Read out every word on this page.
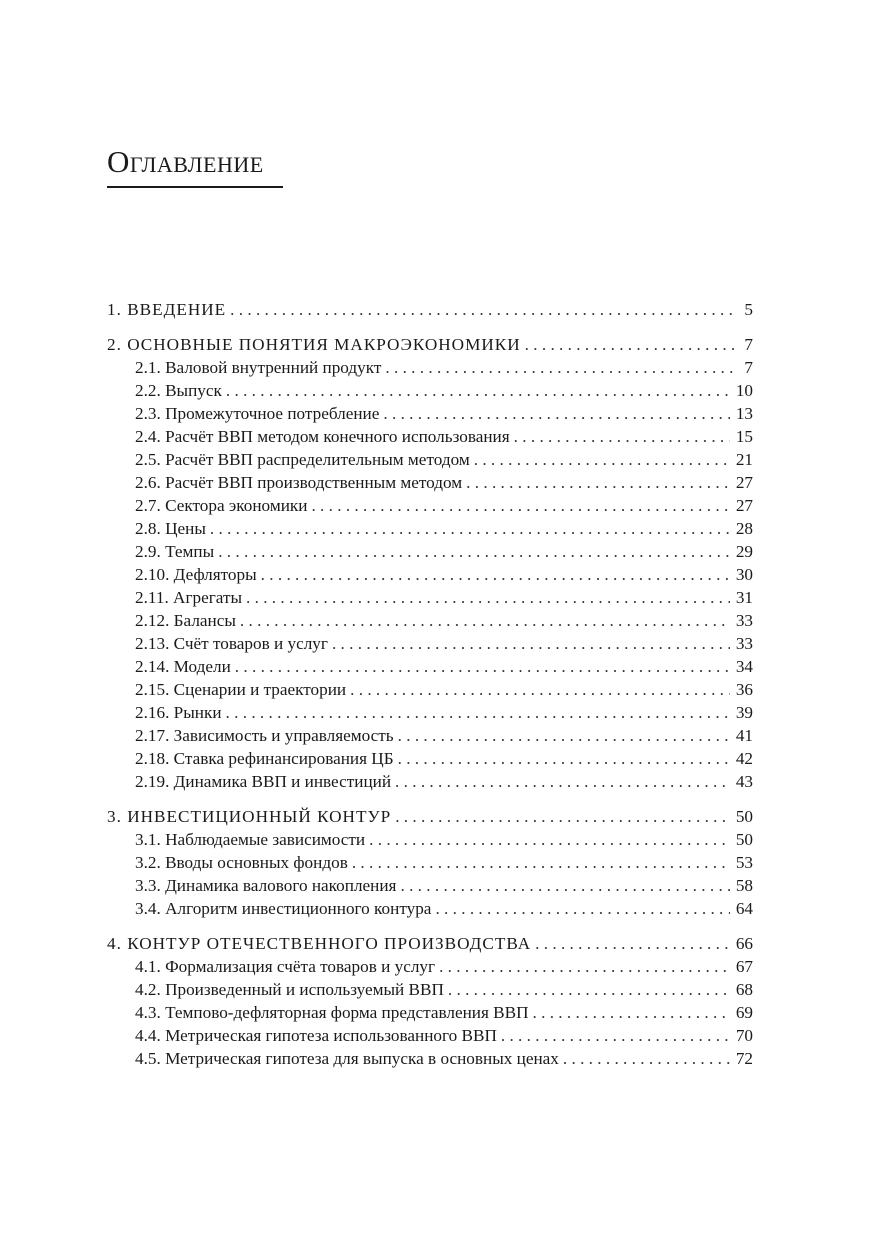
Оглавление
1. ВВЕДЕНИЕ . . .	5
2. ОСНОВНЫЕ ПОНЯТИЯ МАКРОЭКОНОМИКИ . . .	7
2.1. Валовой внутренний продукт . . .	7
2.2. Выпуск . . .	10
2.3. Промежуточное потребление . . .	13
2.4. Расчёт ВВП методом конечного использования . . .	15
2.5. Расчёт ВВП распределительным методом . . .	21
2.6. Расчёт ВВП производственным методом . . .	27
2.7. Сектора экономики . . .	27
2.8. Цены . . .	28
2.9. Темпы . . .	29
2.10. Дефляторы . . .	30
2.11. Агрегаты . . .	31
2.12. Балансы . . .	33
2.13. Счёт товаров и услуг . . .	33
2.14. Модели . . .	34
2.15. Сценарии и траектории . . .	36
2.16. Рынки . . .	39
2.17. Зависимость и управляемость . . .	41
2.18. Ставка рефинансирования ЦБ . . .	42
2.19. Динамика ВВП и инвестиций . . .	43
3. ИНВЕСТИЦИОННЫЙ КОНТУР . . .	50
3.1. Наблюдаемые зависимости . . .	50
3.2. Вводы основных фондов . . .	53
3.3. Динамика валового накопления . . .	58
3.4. Алгоритм инвестиционного контура . . .	64
4. КОНТУР ОТЕЧЕСТВЕННОГО ПРОИЗВОДСТВА . . .	66
4.1. Формализация счёта товаров и услуг . . .	67
4.2. Произведенный и используемый ВВП . . .	68
4.3. Темпово-дефляторная форма представления ВВП . . .	69
4.4. Метрическая гипотеза использованного ВВП . . .	70
4.5. Метрическая гипотеза для выпуска в основных ценах . . .	72
